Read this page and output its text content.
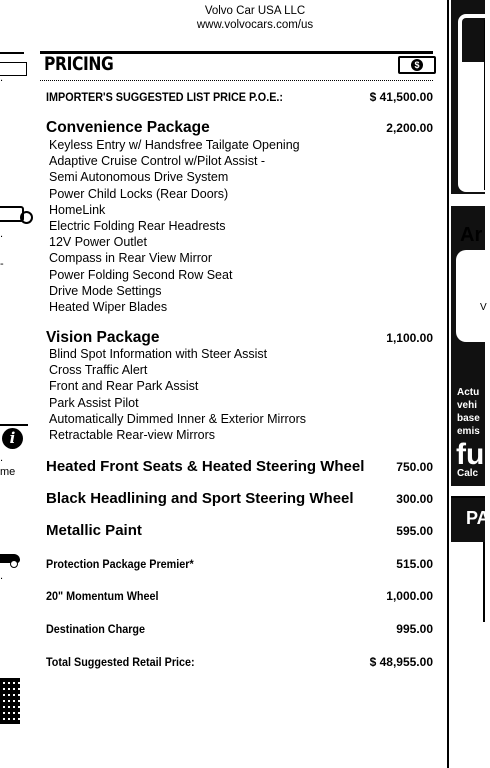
Volvo Car USA LLC
www.volvocars.com/us
.
.
-
i
me
.
.
PRICING	$
IMPORTER'S SUGGESTED LIST PRICE P.O.E.:	$ 41,500.00
Convenience Package	2,200.00
Keyless Entry w/ Handsfree Tailgate Opening
Adaptive Cruise Control w/Pilot Assist -
Semi Autonomous Drive System
Power Child Locks (Rear Doors)
HomeLink
Electric Folding Rear Headrests
12V Power Outlet
Compass in Rear View Mirror
Power Folding Second Row Seat
Drive Mode Settings
Heated Wiper Blades
Vision Package	1,100.00
Blind Spot Information with Steer Assist
Cross Traffic Alert
Front and Rear Park Assist
Park Assist Pilot
Automatically Dimmed Inner & Exterior Mirrors
Retractable Rear-view Mirrors
Heated Front Seats & Heated Steering Wheel	750.00
Black Headlining and Sport Steering Wheel	300.00
Metallic Paint	595.00
Protection Package Premier*	515.00
20" Momentum Wheel	1,000.00
Destination Charge	995.00
Total Suggested Retail Price:	$ 48,955.00
Ar
V
Actu
vehi
base
emis
fu
Calc
PA
